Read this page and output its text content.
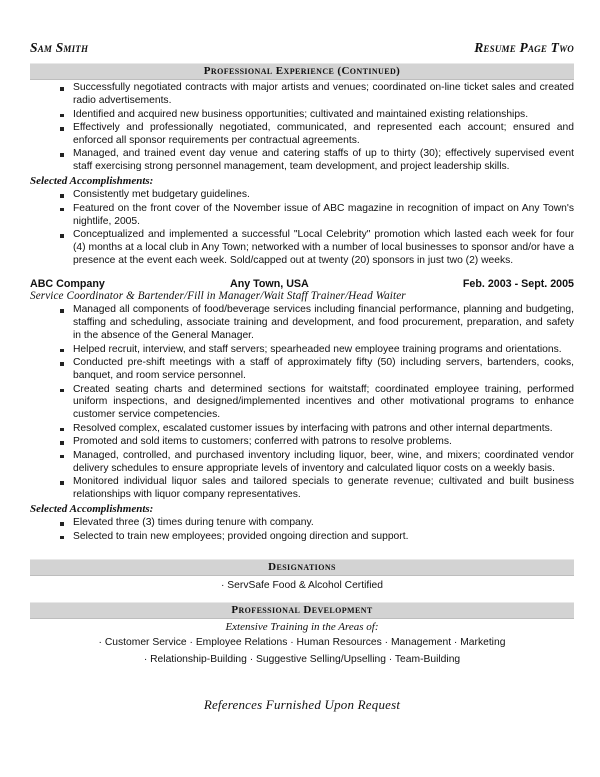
Sam Smith	Resume Page Two
Professional Experience (Continued)
Successfully negotiated contracts with major artists and venues; coordinated on-line ticket sales and created radio advertisements.
Identified and acquired new business opportunities; cultivated and maintained existing relationships.
Effectively and professionally negotiated, communicated, and represented each account; ensured and enforced all sponsor requirements per contractual agreements.
Managed, and trained event day venue and catering staffs of up to thirty (30); effectively supervised event staff exercising strong personnel management, team development, and project leadership skills.
Selected Accomplishments:
Consistently met budgetary guidelines.
Featured on the front cover of the November issue of ABC magazine in recognition of impact on Any Town's nightlife, 2005.
Conceptualized and implemented a successful "Local Celebrity" promotion which lasted each week for four (4) months at a local club in Any Town; networked with a number of local businesses to sponsor and/or have a presence at the event each week. Sold/capped out at twenty (20) sponsors in just two (2) weeks.
ABC Company	Any Town, USA	Feb. 2003 - Sept. 2005
Service Coordinator & Bartender/Fill in Manager/Wait Staff Trainer/Head Waiter
Managed all components of food/beverage services including financial performance, planning and budgeting, staffing and scheduling, associate training and development, and food procurement, preparation, and safety in the absence of the General Manager.
Helped recruit, interview, and staff servers; spearheaded new employee training programs and orientations.
Conducted pre-shift meetings with a staff of approximately fifty (50) including servers, bartenders, cooks, banquet, and room service personnel.
Created seating charts and determined sections for waitstaff; coordinated employee training, performed uniform inspections, and designed/implemented incentives and other motivational programs to enhance customer service competencies.
Resolved complex, escalated customer issues by interfacing with patrons and other internal departments.
Promoted and sold items to customers; conferred with patrons to resolve problems.
Managed, controlled, and purchased inventory including liquor, beer, wine, and mixers; coordinated vendor delivery schedules to ensure appropriate levels of inventory and calculated liquor costs on a weekly basis.
Monitored individual liquor sales and tailored specials to generate revenue; cultivated and built business relationships with liquor company representatives.
Selected Accomplishments:
Elevated three (3) times during tenure with company.
Selected to train new employees; provided ongoing direction and support.
Designations
· ServSafe Food & Alcohol Certified
Professional Development
Extensive Training in the Areas of:
· Customer Service · Employee Relations · Human Resources · Management · Marketing
· Relationship-Building · Suggestive Selling/Upselling · Team-Building
References Furnished Upon Request
